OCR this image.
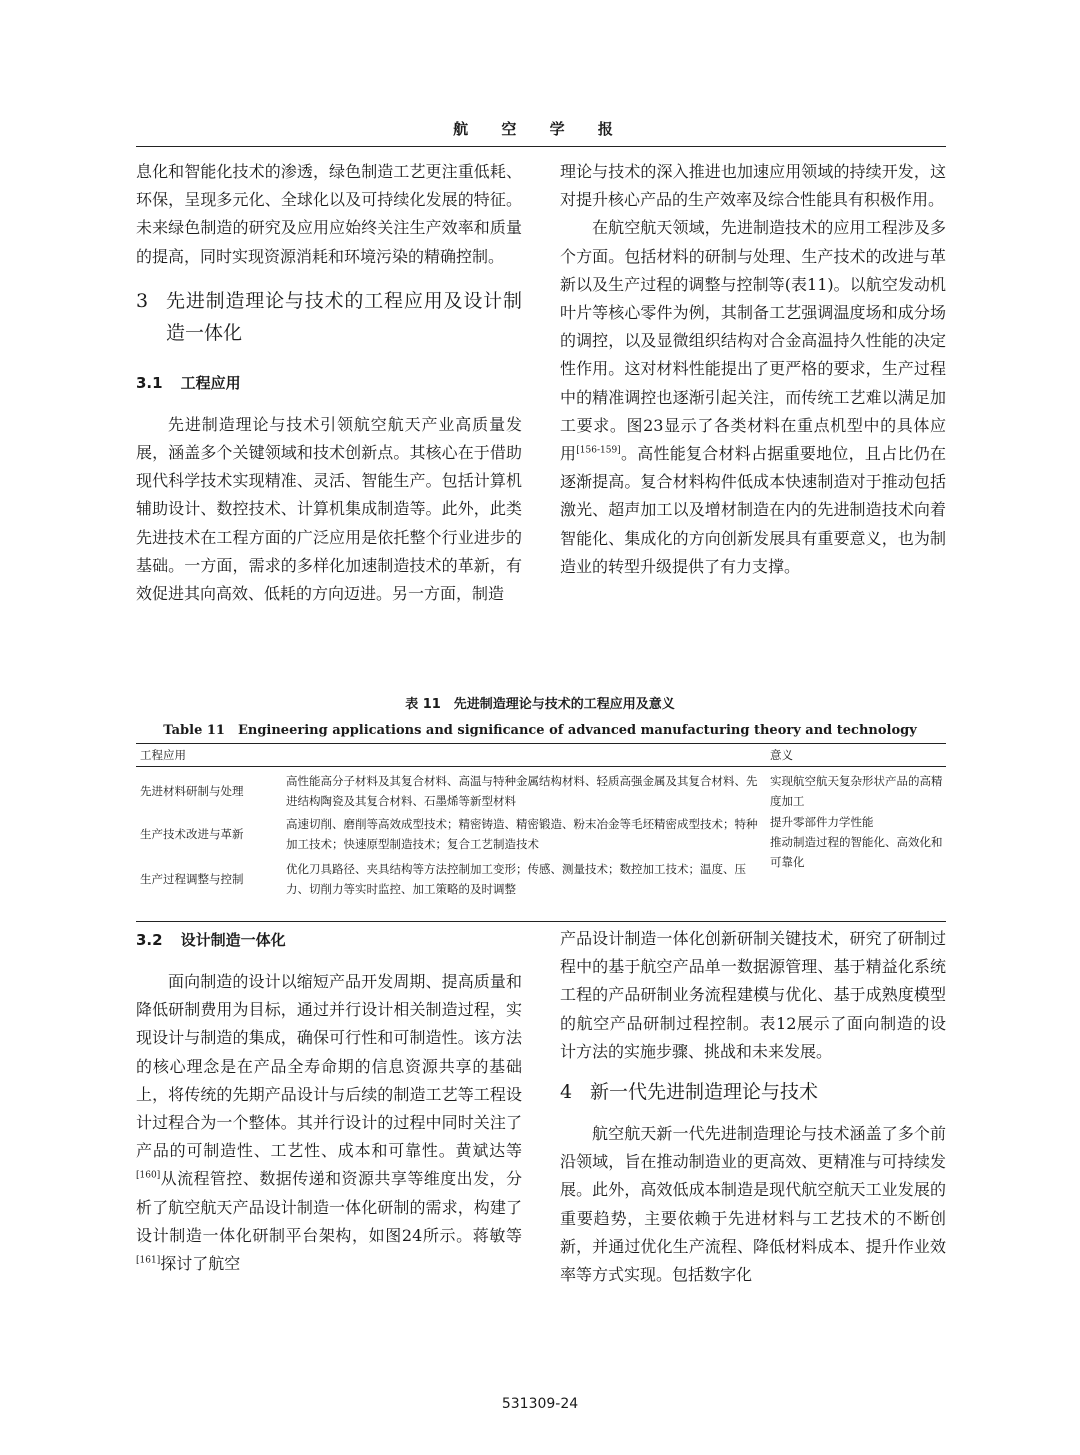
航 空 学 报

息化和智能化技术的渗透，绿色制造工艺更注重低耗、环保，呈现多元化、全球化以及可持续化发展的特征。未来绿色制造的研究及应用应始终关注生产效率和质量的提高，同时实现资源消耗和环境污染的精确控制。

3 先进制造理论与技术的工程应用及设计制造一体化
3.1 工程应用

先进制造理论与技术引领航空航天产业高质量发展，涵盖多个关键领域和技术创新点。其核心在于借助现代科学技术实现精准、灵活、智能生产。包括计算机辅助设计、数控技术、计算机集成制造等。此外，此类先进技术在工程方面的广泛应用是依托整个行业进步的基础。一方面，需求的多样化加速制造技术的革新，有效促进其向高效、低耗的方向迈进。另一方面，制造

理论与技术的深入推进也加速应用领域的持续开发，这对提升核心产品的生产效率及综合性能具有积极作用。

在航空航天领域，先进制造技术的应用工程涉及多个方面。包括材料的研制与处理、生产技术的改进与革新以及生产过程的调整与控制等(表11)。以航空发动机叶片等核心零件为例，其制备工艺强调温度场和成分场的调控，以及显微组织结构对合金高温持久性能的决定性作用。这对材料性能提出了更严格的要求，生产过程中的精准调控也逐渐引起关注，而传统工艺难以满足加工要求。图23显示了各类材料在重点机型中的具体应用[156-159]。高性能复合材料占据重要地位，且占比仍在逐渐提高。复合材料构件低成本快速制造对于推动包括激光、超声加工以及增材制造在内的先进制造技术向着智能化、集成化的方向创新发展具有重要意义，也为制造业的转型升级提供了有力支撑。

表 11　先进制造理论与技术的工程应用及意义
Table 11　Engineering applications and significance of advanced manufacturing theory and technology
工程应用	意义
先进材料研制与处理
高性能高分子材料及其复合材料、高温与特种金属结构材料、轻质高强金属及其复合材料、先进结构陶瓷及其复合材料、石墨烯等新型材料
生产技术改进与革新
高速切削、磨削等高效成型技术；精密铸造、精密锻造、粉末冶金等毛坯精密成型技术；特种加工技术；快速原型制造技术；复合工艺制造技术
生产过程调整与控制
优化刀具路径、夹具结构等方法控制加工变形；传感、测量技术；数控加工技术；温度、压力、切削力等实时监控、加工策略的及时调整
实现航空航天复杂形状产品的高精度加工
提升零部件力学性能
推动制造过程的智能化、高效化和可靠化
3.2 设计制造一体化

面向制造的设计以缩短产品开发周期、提高质量和降低研制费用为目标，通过并行设计相关制造过程，实现设计与制造的集成，确保可行性和可制造性。该方法的核心理念是在产品全寿命期的信息资源共享的基础上，将传统的先期产品设计与后续的制造工艺等工程设计过程合为一个整体。其并行设计的过程中同时关注了产品的可制造性、工艺性、成本和可靠性。黄斌达等[160]从流程管控、数据传递和资源共享等维度出发，分析了航空航天产品设计制造一体化研制的需求，构建了设计制造一体化研制平台架构，如图24所示。蒋敏等[161]探讨了航空

产品设计制造一体化创新研制关键技术，研究了研制过程中的基于航空产品单一数据源管理、基于精益化系统工程的产品研制业务流程建模与优化、基于成熟度模型的航空产品研制过程控制。表12展示了面向制造的设计方法的实施步骤、挑战和未来发展。

4 新一代先进制造理论与技术

航空航天新一代先进制造理论与技术涵盖了多个前沿领域，旨在推动制造业的更高效、更精准与可持续发展。此外，高效低成本制造是现代航空航天工业发展的重要趋势，主要依赖于先进材料与工艺技术的不断创新，并通过优化生产流程、降低材料成本、提升作业效率等方式实现。包括数字化

531309-24
